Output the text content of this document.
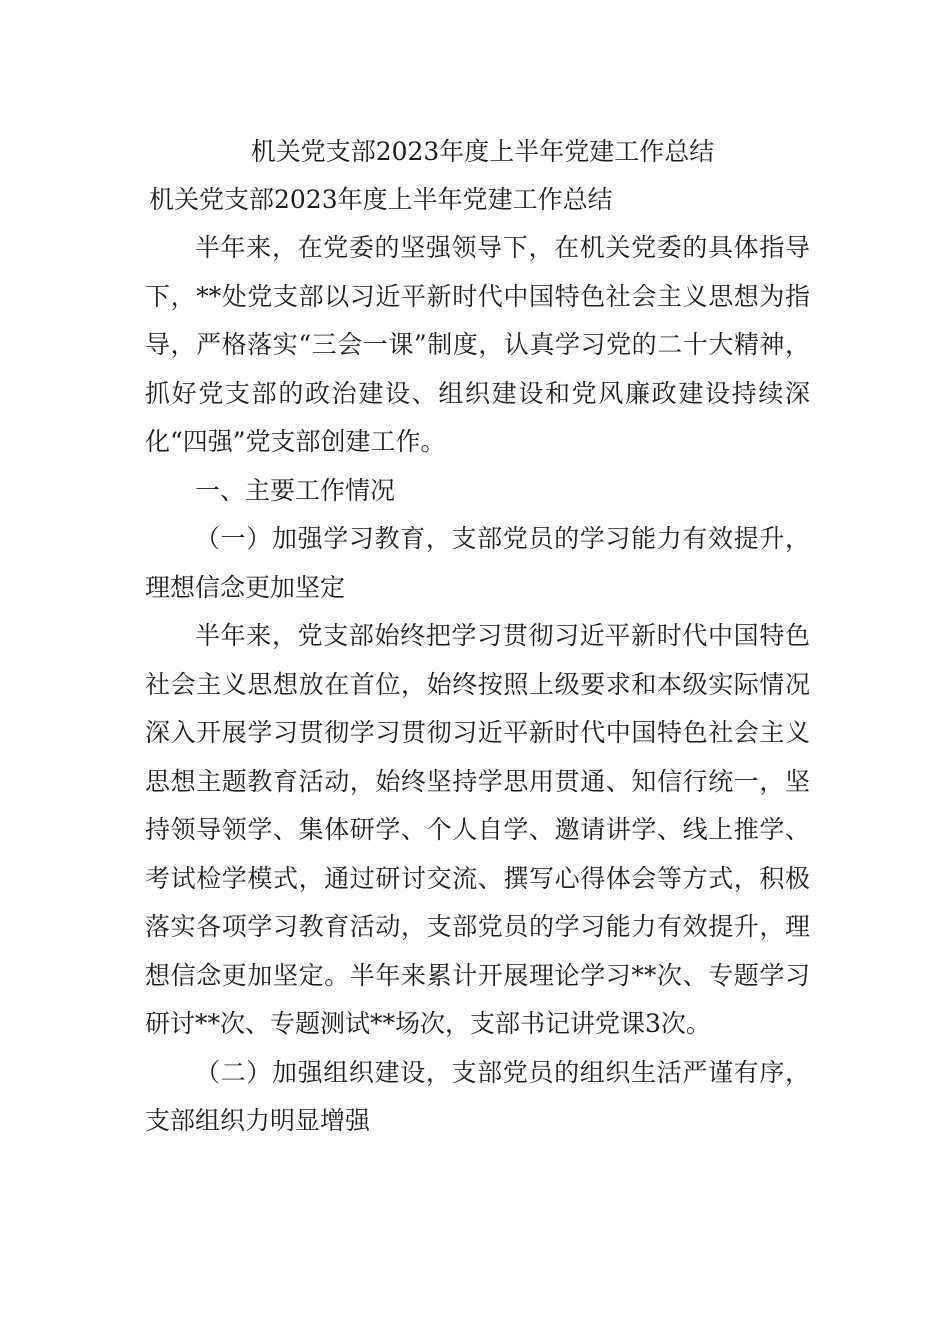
机关党支部2023年度上半年党建工作总结

机关党支部2023年度上半年党建工作总结

半年来，在党委的坚强领导下，在机关党委的具体指导下，**处党支部以习近平新时代中国特色社会主义思想为指导，严格落实“三会一课”制度，认真学习党的二十大精神，抓好党支部的政治建设、组织建设和党风廉政建设持续深化“四强”党支部创建工作。

一、主要工作情况

（一）加强学习教育，支部党员的学习能力有效提升，理想信念更加坚定

半年来，党支部始终把学习贯彻习近平新时代中国特色社会主义思想放在首位，始终按照上级要求和本级实际情况深入开展学习贯彻学习贯彻习近平新时代中国特色社会主义思想主题教育活动，始终坚持学思用贯通、知信行统一，坚持领导领学、集体研学、个人自学、邀请讲学、线上推学、考试检学模式，通过研讨交流、撰写心得体会等方式，积极落实各项学习教育活动，支部党员的学习能力有效提升，理想信念更加坚定。半年来累计开展理论学习**次、专题学习研讨**次、专题测试**场次，支部书记讲党课3次。

（二）加强组织建设，支部党员的组织生活严谨有序，支部组织力明显增强
